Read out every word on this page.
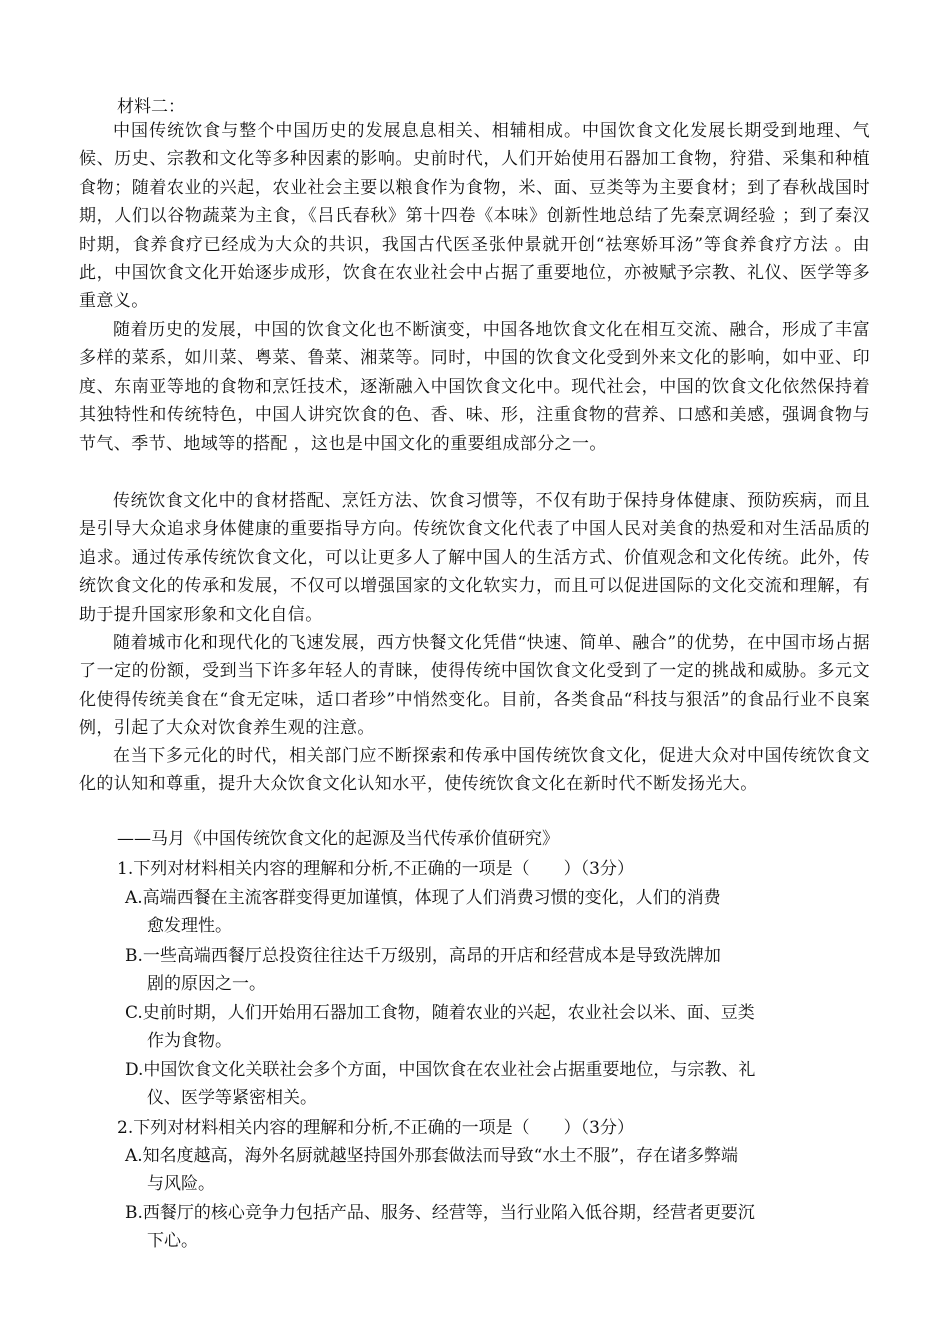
材料二：

中国传统饮食与整个中国历史的发展息息相关、相辅相成。中国饮食文化发展长期受到地理、气候、历史、宗教和文化等多种因素的影响。史前时代，人们开始使用石器加工食物，狩猎、采集和种植食物；随着农业的兴起，农业社会主要以粮食作为食物，米、面、豆类等为主要食材；到了春秋战国时期，人们以谷物蔬菜为主食，《吕氏春秋》第十四卷《本味》创新性地总结了先秦烹调经验 ；到了秦汉时期，食养食疗已经成为大众的共识，我国古代医圣张仲景就开创“祛寒娇耳汤”等食养食疗方法 。由此，中国饮食文化开始逐步成形，饮食在农业社会中占据了重要地位，亦被赋予宗教、礼仪、医学等多重意义。

随着历史的发展，中国的饮食文化也不断演变，中国各地饮食文化在相互交流、融合，形成了丰富多样的菜系，如川菜、粤菜、鲁菜、湘菜等。同时，中国的饮食文化受到外来文化的影响，如中亚、印度、东南亚等地的食物和烹饪技术，逐渐融入中国饮食文化中。现代社会，中国的饮食文化依然保持着其独特性和传统特色，中国人讲究饮食的色、香、味、形，注重食物的营养、口感和美感，强调食物与节气、季节、地域等的搭配 ，这也是中国文化的重要组成部分之一。

传统饮食文化中的食材搭配、烹饪方法、饮食习惯等，不仅有助于保持身体健康、预防疾病，而且是引导大众追求身体健康的重要指导方向。传统饮食文化代表了中国人民对美食的热爱和对生活品质的追求。通过传承传统饮食文化，可以让更多人了解中国人的生活方式、价值观念和文化传统。此外，传统饮食文化的传承和发展，不仅可以增强国家的文化软实力，而且可以促进国际的文化交流和理解，有助于提升国家形象和文化自信。

随着城市化和现代化的飞速发展，西方快餐文化凭借“快速、简单、融合”的优势，在中国市场占据了一定的份额，受到当下许多年轻人的青睐，使得传统中国饮食文化受到了一定的挑战和威胁。多元文化使得传统美食在“食无定味，适口者珍”中悄然变化。目前，各类食品“科技与狠活”的食品行业不良案例，引起了大众对饮食养生观的注意。

在当下多元化的时代，相关部门应不断探索和传承中国传统饮食文化，促进大众对中国传统饮食文化的认知和尊重，提升大众饮食文化认知水平，使传统饮食文化在新时代不断发扬光大。

——马月《中国传统饮食文化的起源及当代传承价值研究》
1.下列对材料相关内容的理解和分析,不正确的一项是（　　）（3分）

A.高端西餐在主流客群变得更加谨慎，体现了人们消费习惯的变化，人们的消费
愈发理性。

B.一些高端西餐厅总投资往往达千万级别，高昂的开店和经营成本是导致洗牌加
剧的原因之一。

C.史前时期，人们开始用石器加工食物，随着农业的兴起，农业社会以米、面、豆类
作为食物。

D.中国饮食文化关联社会多个方面，中国饮食在农业社会占据重要地位，与宗教、礼
仪、医学等紧密相关。

2.下列对材料相关内容的理解和分析,不正确的一项是（　　）（3分）

A.知名度越高，海外名厨就越坚持国外那套做法而导致“水土不服”，存在诸多弊端
与风险。

B.西餐厅的核心竞争力包括产品、服务、经营等，当行业陷入低谷期，经营者更要沉
下心。
